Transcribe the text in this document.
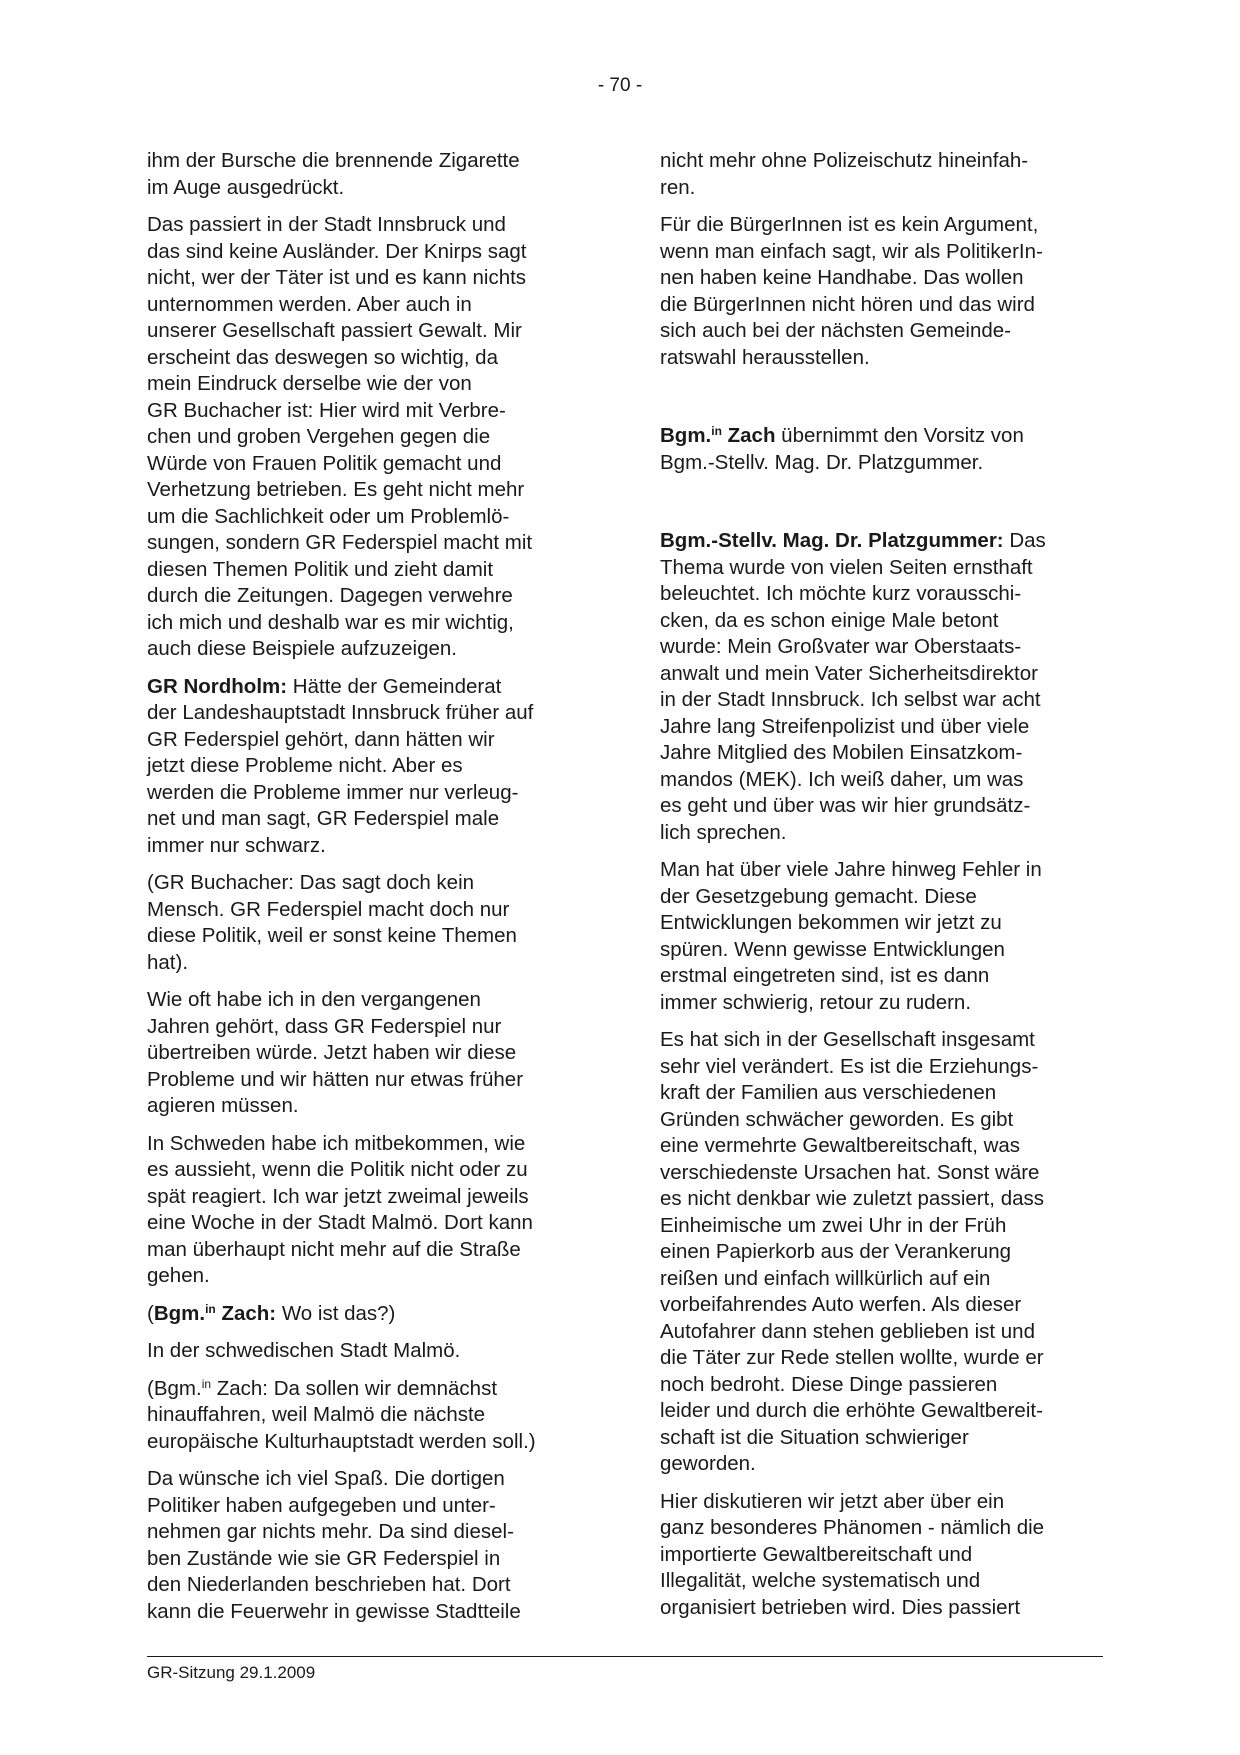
- 70 -

ihm der Bursche die brennende Zigarette
im Auge ausgedrückt.

Das passiert in der Stadt Innsbruck und
das sind keine Ausländer. Der Knirps sagt
nicht, wer der Täter ist und es kann nichts
unternommen werden. Aber auch in
unserer Gesellschaft passiert Gewalt. Mir
erscheint das deswegen so wichtig, da
mein Eindruck derselbe wie der von
GR Buchacher ist: Hier wird mit Verbre-
chen und groben Vergehen gegen die
Würde von Frauen Politik gemacht und
Verhetzung betrieben. Es geht nicht mehr
um die Sachlichkeit oder um Problemlö-
sungen, sondern GR Federspiel macht mit
diesen Themen Politik und zieht damit
durch die Zeitungen. Dagegen verwehre
ich mich und deshalb war es mir wichtig,
auch diese Beispiele aufzuzeigen.

GR Nordholm: Hätte der Gemeinderat
der Landeshauptstadt Innsbruck früher auf
GR Federspiel gehört, dann hätten wir
jetzt diese Probleme nicht. Aber es
werden die Probleme immer nur verleug-
net und man sagt, GR Federspiel male
immer nur schwarz.

(GR Buchacher: Das sagt doch kein
Mensch. GR Federspiel macht doch nur
diese Politik, weil er sonst keine Themen
hat).

Wie oft habe ich in den vergangenen
Jahren gehört, dass GR Federspiel nur
übertreiben würde. Jetzt haben wir diese
Probleme und wir hätten nur etwas früher
agieren müssen.

In Schweden habe ich mitbekommen, wie
es aussieht, wenn die Politik nicht oder zu
spät reagiert. Ich war jetzt zweimal jeweils
eine Woche in der Stadt Malmö. Dort kann
man überhaupt nicht mehr auf die Straße
gehen.

(Bgm.$^{in}$ Zach: Wo ist das?)

In der schwedischen Stadt Malmö.

(Bgm.$^{in}$ Zach: Da sollen wir demnächst
hinauffahren, weil Malmö die nächste
europäische Kulturhauptstadt werden soll.)

Da wünsche ich viel Spaß. Die dortigen
Politiker haben aufgegeben und unter-
nehmen gar nichts mehr. Da sind diesel-
ben Zustände wie sie GR Federspiel in
den Niederlanden beschrieben hat. Dort
kann die Feuerwehr in gewisse Stadtteile

nicht mehr ohne Polizeischutz hineinfah-
ren.

Für die BürgerInnen ist es kein Argument,
wenn man einfach sagt, wir als PolitikerIn-
nen haben keine Handhabe. Das wollen
die BürgerInnen nicht hören und das wird
sich auch bei der nächsten Gemeinde-
ratswahl herausstellen.

Bgm.$^{in}$ Zach übernimmt den Vorsitz von
Bgm.-Stellv. Mag. Dr. Platzgummer.

Bgm.-Stellv. Mag. Dr. Platzgummer: Das
Thema wurde von vielen Seiten ernsthaft
beleuchtet. Ich möchte kurz vorausschi-
cken, da es schon einige Male betont
wurde: Mein Großvater war Oberstaats-
anwalt und mein Vater Sicherheitsdirektor
in der Stadt Innsbruck. Ich selbst war acht
Jahre lang Streifenpolizist und über viele
Jahre Mitglied des Mobilen Einsatzkom-
mandos (MEK). Ich weiß daher, um was
es geht und über was wir hier grundsätz-
lich sprechen.

Man hat über viele Jahre hinweg Fehler in
der Gesetzgebung gemacht. Diese
Entwicklungen bekommen wir jetzt zu
spüren. Wenn gewisse Entwicklungen
erstmal eingetreten sind, ist es dann
immer schwierig, retour zu rudern.

Es hat sich in der Gesellschaft insgesamt
sehr viel verändert. Es ist die Erziehungs-
kraft der Familien aus verschiedenen
Gründen schwächer geworden. Es gibt
eine vermehrte Gewaltbereitschaft, was
verschiedenste Ursachen hat. Sonst wäre
es nicht denkbar wie zuletzt passiert, dass
Einheimische um zwei Uhr in der Früh
einen Papierkorb aus der Verankerung
reißen und einfach willkürlich auf ein
vorbeifahrendes Auto werfen. Als dieser
Autofahrer dann stehen geblieben ist und
die Täter zur Rede stellen wollte, wurde er
noch bedroht. Diese Dinge passieren
leider und durch die erhöhte Gewaltbereit-
schaft ist die Situation schwieriger
geworden.

Hier diskutieren wir jetzt aber über ein
ganz besonderes Phänomen - nämlich die
importierte Gewaltbereitschaft und
Illegalität, welche systematisch und
organisiert betrieben wird. Dies passiert

GR-Sitzung 29.1.2009
